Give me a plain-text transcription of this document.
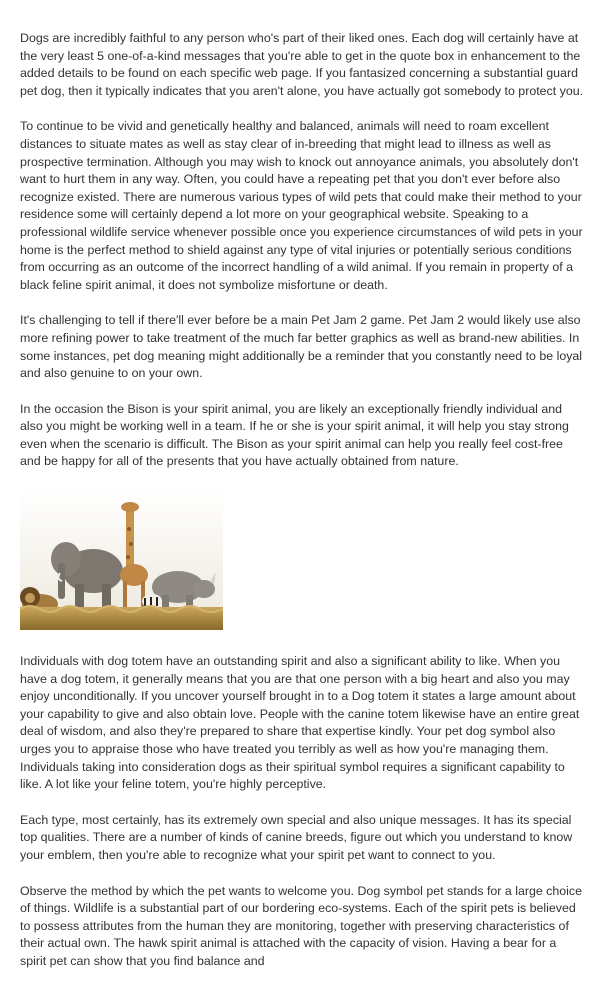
Dogs are incredibly faithful to any person who's part of their liked ones. Each dog will certainly have at the very least 5 one-of-a-kind messages that you're able to get in the quote box in enhancement to the added details to be found on each specific web page. If you fantasized concerning a substantial guard pet dog, then it typically indicates that you aren't alone, you have actually got somebody to protect you.

To continue to be vivid and genetically healthy and balanced, animals will need to roam excellent distances to situate mates as well as stay clear of in-breeding that might lead to illness as well as prospective termination. Although you may wish to knock out annoyance animals, you absolutely don't want to hurt them in any way. Often, you could have a repeating pet that you don't ever before also recognize existed. There are numerous various types of wild pets that could make their method to your residence some will certainly depend a lot more on your geographical website. Speaking to a professional wildlife service whenever possible once you experience circumstances of wild pets in your home is the perfect method to shield against any type of vital injuries or potentially serious conditions from occurring as an outcome of the incorrect handling of a wild animal. If you remain in property of a black feline spirit animal, it does not symbolize misfortune or death.

It's challenging to tell if there'll ever before be a main Pet Jam 2 game. Pet Jam 2 would likely use also more refining power to take treatment of the much far better graphics as well as brand-new abilities. In some instances, pet dog meaning might additionally be a reminder that you constantly need to be loyal and also genuine to on your own.

In the occasion the Bison is your spirit animal, you are likely an exceptionally friendly individual and also you might be working well in a team. If he or she is your spirit animal, it will help you stay strong even when the scenario is difficult. The Bison as your spirit animal can help you really feel cost-free and be happy for all of the presents that you have actually obtained from nature.

Individuals with dog totem have an outstanding spirit and also a significant ability to like. When you have a dog totem, it generally means that you are that one person with a big heart and also you may enjoy unconditionally. If you uncover yourself brought in to a Dog totem it states a large amount about your capability to give and also obtain love. People with the canine totem likewise have an entire great deal of wisdom, and also they're prepared to share that expertise kindly. Your pet dog symbol also urges you to appraise those who have treated you terribly as well as how you're managing them. Individuals taking into consideration dogs as their spiritual symbol requires a significant capability to like. A lot like your feline totem, you're highly perceptive.

Each type, most certainly, has its extremely own special and also unique messages. It has its special top qualities. There are a number of kinds of canine breeds, figure out which you understand to know your emblem, then you're able to recognize what your spirit pet want to connect to you.

Observe the method by which the pet wants to welcome you. Dog symbol pet stands for a large choice of things. Wildlife is a substantial part of our bordering eco-systems. Each of the spirit pets is believed to possess attributes from the human they are monitoring, together with preserving characteristics of their actual own. The hawk spirit animal is attached with the capacity of vision. Having a bear for a spirit pet can show that you find balance and
